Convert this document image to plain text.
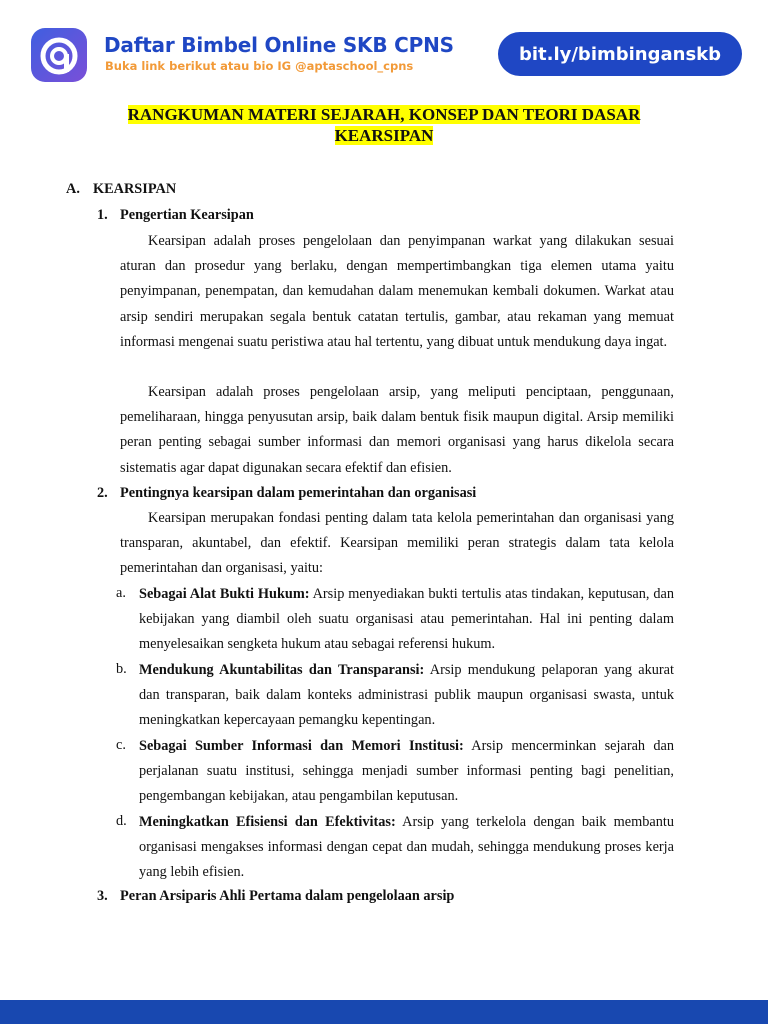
Daftar Bimbel Online SKB CPNS
Buka link berikut atau bio IG @aptaschool_cpns
bit.ly/bimbinganskb
RANGKUMAN MATERI SEJARAH, KONSEP DAN TEORI DASAR
KEARSIPAN
A. KEARSIPAN
1. Pengertian Kearsipan

Kearsipan adalah proses pengelolaan dan penyimpanan warkat yang dilakukan sesuai aturan dan prosedur yang berlaku, dengan mempertimbangkan tiga elemen utama yaitu penyimpanan, penempatan, dan kemudahan dalam menemukan kembali dokumen. Warkat atau arsip sendiri merupakan segala bentuk catatan tertulis, gambar, atau rekaman yang memuat informasi mengenai suatu peristiwa atau hal tertentu, yang dibuat untuk mendukung daya ingat.

Kearsipan adalah proses pengelolaan arsip, yang meliputi penciptaan, penggunaan, pemeliharaan, hingga penyusutan arsip, baik dalam bentuk fisik maupun digital. Arsip memiliki peran penting sebagai sumber informasi dan memori organisasi yang harus dikelola secara sistematis agar dapat digunakan secara efektif dan efisien.

2. Pentingnya kearsipan dalam pemerintahan dan organisasi

Kearsipan merupakan fondasi penting dalam tata kelola pemerintahan dan organisasi yang transparan, akuntabel, dan efektif. Kearsipan memiliki peran strategis dalam tata kelola pemerintahan dan organisasi, yaitu:

a. Sebagai Alat Bukti Hukum: Arsip menyediakan bukti tertulis atas tindakan, keputusan, dan kebijakan yang diambil oleh suatu organisasi atau pemerintahan. Hal ini penting dalam menyelesaikan sengketa hukum atau sebagai referensi hukum.

b. Mendukung Akuntabilitas dan Transparansi: Arsip mendukung pelaporan yang akurat dan transparan, baik dalam konteks administrasi publik maupun organisasi swasta, untuk meningkatkan kepercayaan pemangku kepentingan.

c. Sebagai Sumber Informasi dan Memori Institusi: Arsip mencerminkan sejarah dan perjalanan suatu institusi, sehingga menjadi sumber informasi penting bagi penelitian, pengembangan kebijakan, atau pengambilan keputusan.

d. Meningkatkan Efisiensi dan Efektivitas: Arsip yang terkelola dengan baik membantu organisasi mengakses informasi dengan cepat dan mudah, sehingga mendukung proses kerja yang lebih efisien.

3. Peran Arsiparis Ahli Pertama dalam pengelolaan arsip
